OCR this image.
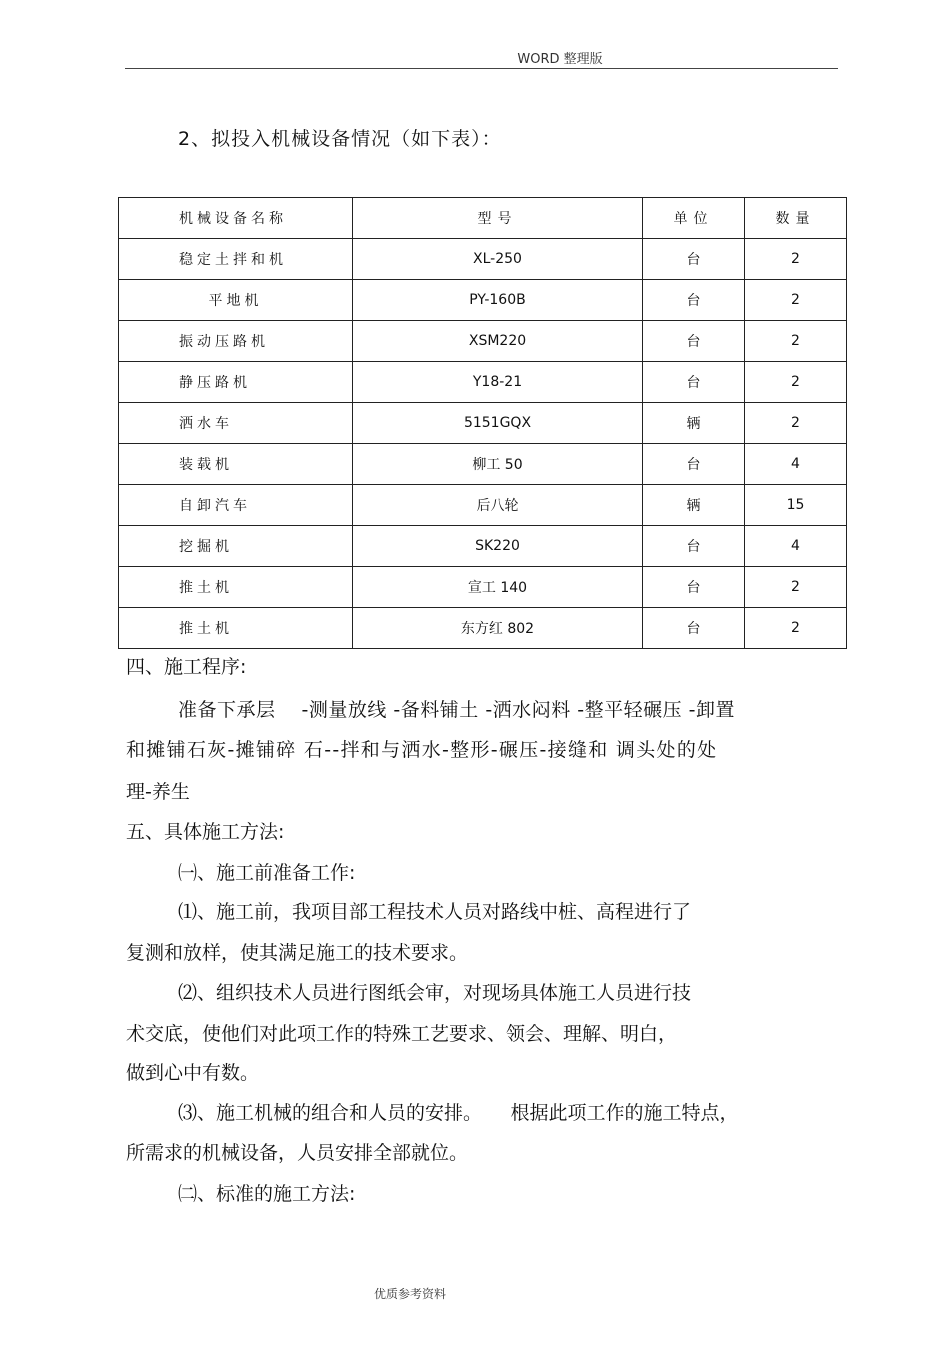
WORD 整理版
2、拟投入机械设备情况（如下表）：
机械设备名称	型号	单位	数量
稳定土拌和机	XL-250	台	2
平地机	PY-160B	台	2
振动压路机	XSM220	台	2
静压路机	Y18-21	台	2
洒水车	5151GQX	辆	2
装载机	柳工 50	台	4
自卸汽车	后八轮	辆	15
挖掘机	SK220	台	4
推土机	宣工 140	台	2
推土机	东方红 802	台	2
四、施工程序:
准备下承层　 -测量放线 -备料铺土 -洒水闷料 -整平轻碾压 -卸置
和摊铺石灰-摊铺碎 石--拌和与洒水-整形-碾压-接缝和 调头处的处
理-养生
五、具体施工方法:
㈠、施工前准备工作:
⑴、施工前，我项目部工程技术人员对路线中桩、高程进行了
复测和放样，使其满足施工的技术要求。
⑵、组织技术人员进行图纸会审，对现场具体施工人员进行技
术交底，使他们对此项工作的特殊工艺要求、领会、理解、明白，
做到心中有数。
⑶、施工机械的组合和人员的安排。　　根据此项工作的施工特点，
所需求的机械设备，人员安排全部就位。
㈡、标准的施工方法:
优质参考资料
